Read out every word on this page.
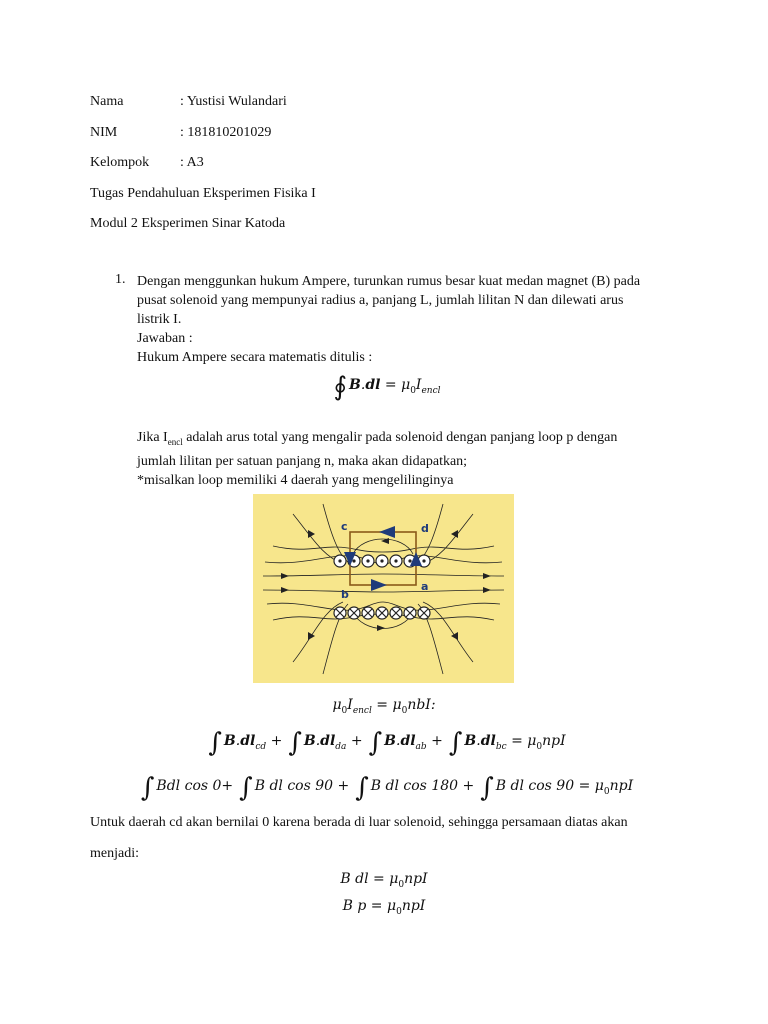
Nama	: Yustisi Wulandari
NIM	: 181810201029
Kelompok : A3
Tugas Pendahuluan Eksperimen Fisika I
Modul 2 Eksperimen Sinar Katoda
1. Dengan menggunkan hukum Ampere, turunkan rumus besar kuat medan magnet (B) pada
pusat solenoid yang mempunyai radius a, panjang L, jumlah lilitan N dan dilewati arus
listrik I.
Jawaban :
Hukum Ampere secara matematis ditulis :
∮ $B.dl = \mu_0I_{encl}$
Jika $I_{encl}$ adalah arus total yang mengalir pada solenoid dengan panjang loop p dengan
jumlah lilitan per satuan panjang n, maka akan didapatkan;
*misalkan loop memiliki 4 daerah yang mengelilinginya
c	d
b
a
$\mu_0I_{encl} = \mu_0nbI$:
∫ $B.dl_{cd}$ + ∫ $B.dl_{da}$ + ∫ $B.dl_{ab}$ + ∫ $B.dl_{bc} = \mu_0npI$
∫ Bdl cos 0+ ∫ B dl cos 90 + ∫ B dl cos 180 + ∫ B dl $\cos 90 = \mu_0npI$
Untuk daerah cd akan bernilai 0 karena berada di luar solenoid, sehingga persamaan diatas akan
menjadi:
B dl = $\mu_0npI$
B $p = \mu_0npI$
